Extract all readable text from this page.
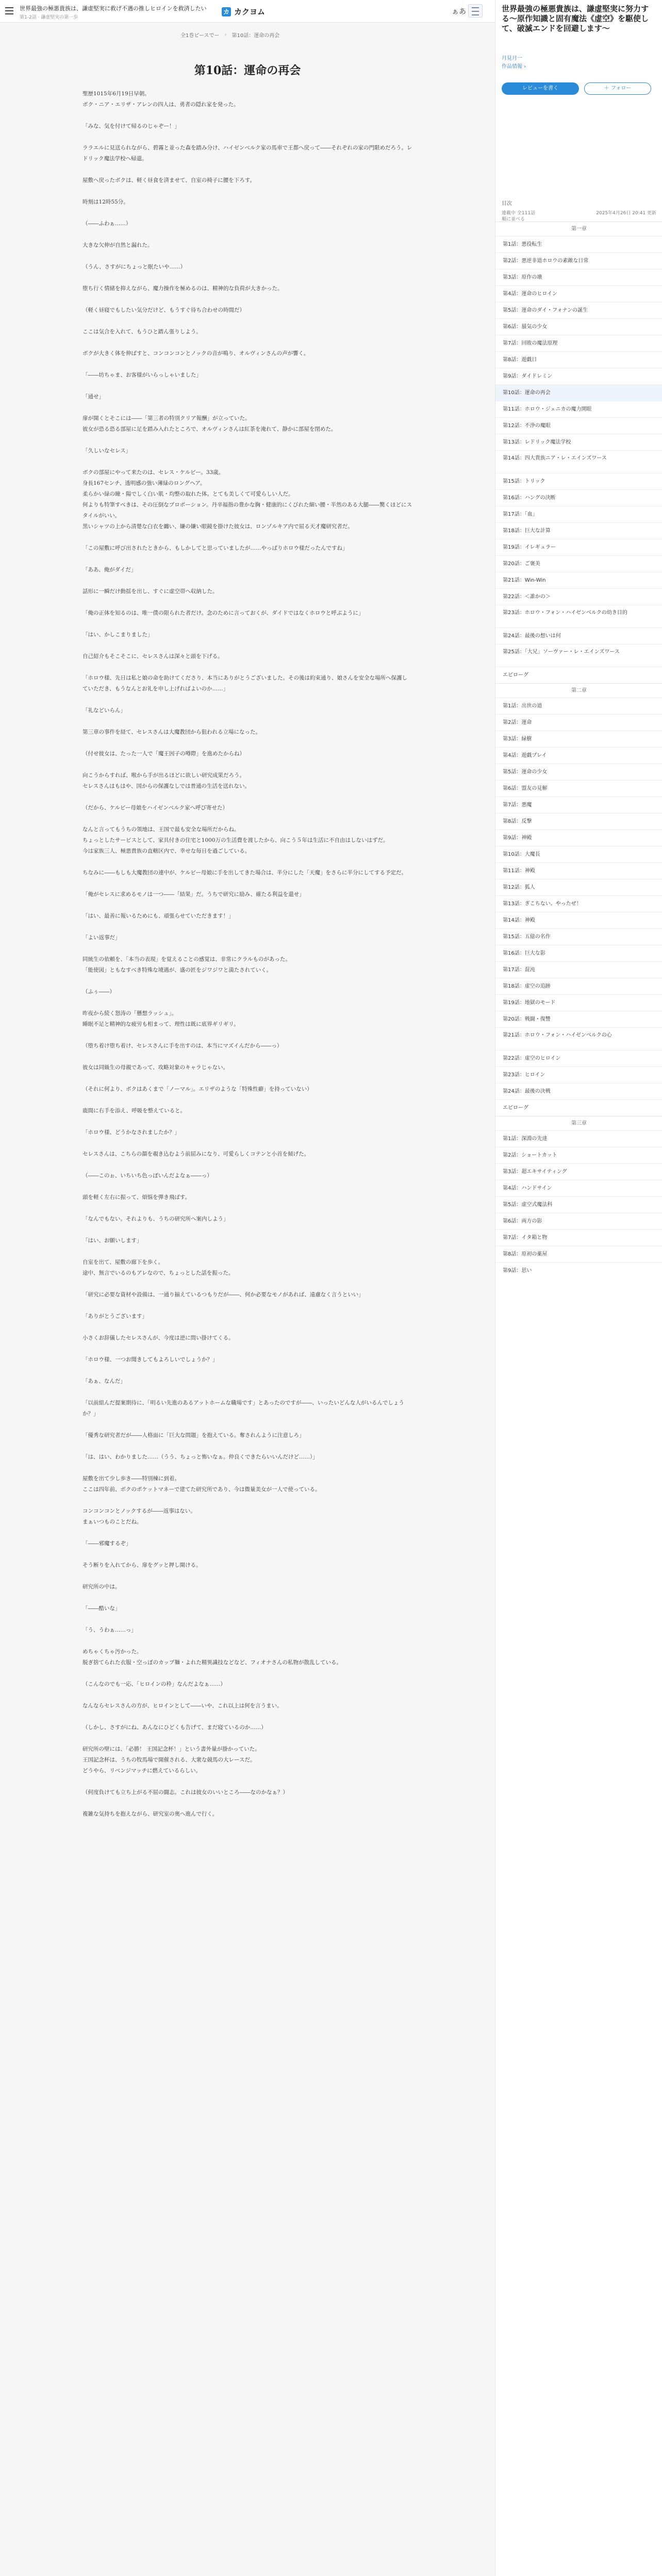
世界最強の極悪貴族は、謙虚堅実に救げ不遇の推しヒロインを救済したい
第1-2話 · 謙虚堅実の第一歩
カ カクヨム	ぁあ
全1巻ピースでー › 第10話：運命の再会
第10話：運命の再会

聖歴1015年6月19日早朝。

ボク・ニア・エリザ・アレンの四人は、勇者の隠れ家を発った。

「みな、気を付けて帰るのじゃぞー！」

ララエルに見送られながら、碧霧と並った森を踏み分け、ハイゼンベルク家の馬車で王都へ戻って――それぞれの家の門限めだろう。レドリック魔法学校へ帰還。

屋敷へ戻ったボクは、軽く昼食を済ませて、自室の椅子に腰を下ろす。

時刻は12時55分。

（――ふわぁ……）

大きな欠伸が自然と漏れた。

（うん、さすがにちょっと眠たいや……）

堕ち行く情緒を抑えながら、魔力操作を極めるのは、精神的な負荷が大きかった。

（軽く昼寝でもしたい気分だけど、もうすぐ待ち合わせの時間だ）

ここは気合を入れて、もうひと踏ん張りしよう。

ボクが大きく体を伸ばすと、コンコンコンとノックの音が鳴り、オルヴィンさんの声が響く。

「――坊ちゃま、お客様がいらっしゃいました」

「通せ」

扉が開くとそこには――「第三者の特別クリア報酬」が立っていた。

彼女が恐る恐る部屋に足を踏み入れたところで、オルヴィンさんは紅茶を淹れて、静かに部屋を閉めた。

「久しいなセレス」

ボクの部屋にやって来たのは、セレス・ケルビー。33歳。

身長167センチ、透明感の強い薄緑のロングヘア。

柔らかい緑の瞳・陽でしく白い肌・均整の取れた体。とても美しくて可愛らしい人だ。

何よりも特筆すべきは、その圧倒なプロポーション。丹辛福指の豊かな胸・健康的にくびれた細い腰・半然のある大腿――驚くほどにスタイルがいい。

黒いシャツの上から清楚な白衣を纏い、嫌の嫌い眼鏡を掛けた彼女は、ロンゾルキア内で屈る天才魔研究者だ。

「この屋敷に呼び出されたときから、もしかしてと思っていましたが……やっぱりホロウ様だったんですね」

「ああ、俺がダイだ」

話形に一瞬だけ動揺を出し、すぐに虚空帯へ収納した。

「俺の正体を知るのは、唯一僕の限られた者だけ。念のために言っておくが、ダイドではなくホロウと呼ぶように」

「はい、かしこまりました」

自己紹介もそこそこに、セレスさんは深々と頭を下げる。

「ホロウ様、先日は私と娘の命を助けてくださり、本当にありがとうございました。その後は約束通り、娘さんを安全な場所へ保護していただき、もうなんとお礼を申し上げればよいのか……」

「礼などいらん」

第三章の事件を経て、セレスさんは大魔教団から狙われる立場になった。

（付せ彼女は、たった一人で「魔王因子の噂際」を進めたからね）

向こうからすれば、喉から手が出るほどに欲しい研究成果だろう。

セレスさんはもはや、国からの保護なしでは普通の生活を送れない。

（だから、ケルビー母娘をハイゼンベルク家へ呼び寄せた）

なんと言ってもうちの領地は、王国で最も安全な場所だからね。

ちょっとしたサービスとして、家具付きの住宅と1000万の生活費を渡したから、向こう５年は生活に不自由はしないはずだ。

今は家族三人、極悪貴族の直轄区内で、幸せな毎日を過ごしている。

ちなみに――もしも大魔教団の連中が、ケルビー母娘に手を出してきた場合は、半分にした「天魔」をさらに半分にしてする予定だ。

「俺がセレスに求めるモノは一つ――「結果」だ。うちで研究に励み、確たる利益を還せ」

「はい、最善に報いるためにも、頑張らせていただきます！」

「よい返事だ」

同統生の依頼を、「本当の表現」を覚えることの感覚は、非常にクラルものがあった。

「能使図」ともなすべき特殊な境遇が、盛の匠をジワジワと満たされていく。

（ふぅ――）

昨夜から続く怒涛の「懸想ラッシュ」。

睡眠不足と精神的な疲労も相まって、理性は既に底界ギリギリ。

（堕ち着け堕ち着け、セレスさんに手を出すのは、本当にマズイんだから――っ）

彼女は同級生の母親であって、攻略対象のキャラじゃない。

（それに何より、ボクはあくまで「ノーマル」。エリザのような「特殊性癖」を持っていない）

鹿間に右手を添え、呼吸を整えていると。

「ホロウ様、どうかなされましたか？」

セレスさんは、こちらの顔を覗き込むよう前屈みになり、可愛らしくコテンと小首を傾げた。

（――このぉ、いちいち色っぽいんだよなぁ――っ）

頭を軽く左右に振って、煩悩を弾き飛ばす。

「なんでもない。それよりも、うちの研究所へ案内しよう」

「はい、お願いします」

自室を出て、屋敷の廊下を歩く。

途中、無言でいるのもアレなので、ちょっとした話を振った。

「研究に必要な資材や設備は、一通り揃えているつもりだが――、何か必要なモノがあれば、遠慮なく言うといい」

「ありがとうございます」

小さくお辞儀したセレスさんが、今度は逆に問い掛けてくる。

「ホロウ様、一つお聞きしてもよろしいでしょうか？」

「あぁ、なんだ」

「以前組んだ提案期待に、「明るい先進のあるアットホームな職場です」とあったのですが――、いったいどんな人がいるんでしょうか？」

「優秀な研究者だが――人格面に「巨大な問題」を抱えている。奪されんように注意しろ」

「は、はい、わかりました……（うう、ちょっと怖いなぁ。仲良くできたらいいんだけど……）」

屋敷を出て少し歩き――特別棟に到着。

ここは四年前、ボクのポケットマネーで建てた研究所であり、今は微量美女が一人で使っている。

コンコンコンとノックするが――返事はない。

まぁいつものことだね。

「――邪魔するぞ」

そう断りを入れてから、扉をグッと押し開ける。

研究所の中は。

「――酷いな」

「う、うわぁ……っ」

めちゃくちゃ汚かった。

脱ぎ捨てられた衣服・空っぽのカップ麺・よれた精異識技などなど、フィオナさんの私物が散乱している。

（こんなのでも一応、「ヒロインの枠」なんだよなぁ……）

なんならセレスさんの方が、ヒロインとして――いや、これ以上は何を言うまい。

（しかし、さすがにね、あんなにひどくも告げて、まだ寝ているのか……）

研究所の壁には、「必勝！ 王国記念杯！」という書外量が掛かっていた。

王国記念杯は、うちの牧馬場で開催される、大衆な競馬の大レースだ。

どうやら、リベンジマッチに燃えているらしい。

（何度負けても立ち上がる不屈の闘志。これは彼女のいいところ――なのかなぁ？）

複雑な気持ちを抱えながら、研究室の奥へ進んで行く。

世界最強の極悪貴族は、謙虚堅実に努力する〜原作知識と固有魔法《虚空》を駆使して、破滅エンドを回避します〜
月見月一
作品情報 ›
レビューを書く	＋ フォロー
目次
連載中 全111話	2025年4月26日 20:41 更新
順に並べる
第一章
第1話：悪役転生
第2話：悪逆非道ホロウの素敵な日常
第3話：原作の壊
第4話：運命のヒロイン
第5話：運命のダイ・フォナンの誕生
第6話：蜃気の少女
第7話：回敗の魔法原理
第8話：遊戯日
第9話：ダイドレミン
第10話：運命の再会
第11話：ホロウ・ジェニカの魔力開眼
第12話：不浄の魔眼
第13話：レドリック魔法学校
第14話：四大貴族ニア・レ・エインズワース
第15話：トリック
第16話：ハングの決断
第17話：「血」
第18話：巨大な計算
第19話：イレギュラー
第20話：ご褒美
第21話：Win-Win
第22話：＜誰かの＞
第23話：ホロウ・フォン・ハイゼンベルクの幼き目的
第24話：最後の想いは何
第25話：「大兄」ソーヴァー・レ・エインズワース
エピローグ
第二章
第1話：出世の道
第2話：運命
第3話：緑樹
第4話：遊戯プレイ
第5話：運命の少女
第6話：盟友の見解
第7話：悪魔
第8話：反撃
第9話：神殿
第10話：大魔長
第11話：神殿
第12話：狐人
第13話：ぎこちない。やったぜ！
第14話：神殿
第15話：五億の名作
第16話：巨大な影
第17話：混沌
第18話：虚空の追跡
第19話：地獄のモード
第20話：戦闘・復讐
第21話：ホロウ・フォン・ハイゼンベルクの心
第22話：虚空のヒロイン
第23話：ヒロイン
第24話：最後の決戦
エピローグ
第三章
第1話：深淵の先達
第2話：ショートカット
第3話：超エキサイティング
第4話：ハンドサイン
第5話：虚空式魔法科
第6話：両方の影
第7話：イタ箱と物
第8話：原初の薬屋
第9話：思い
